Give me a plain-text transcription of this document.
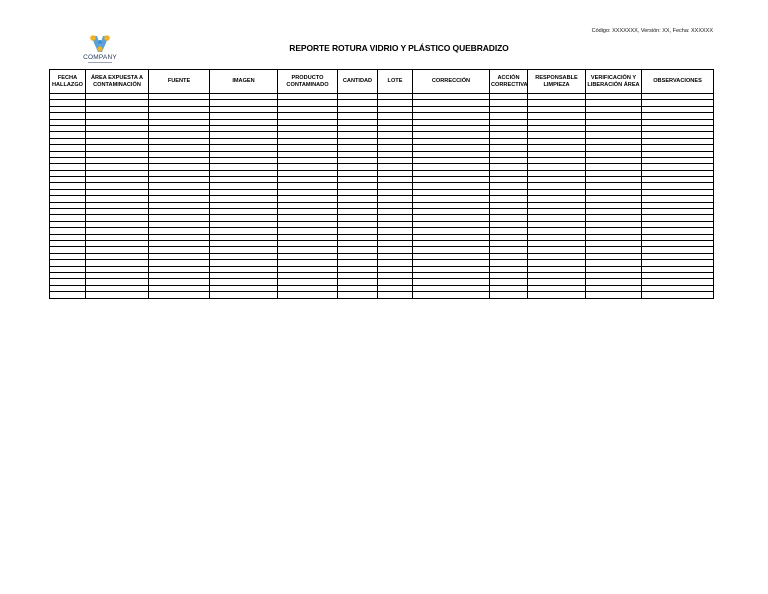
Código: XXXXXXX, Versión: XX, Fecha: XXXXXX
COMPANY
REPORTE ROTURA VIDRIO Y PLÁSTICO QUEBRADIZO
FECHA HALLAZGO	ÁREA EXPUESTA A CONTAMINACIÓN	FUENTE	IMAGEN	PRODUCTO CONTAMINADO	CANTIDAD	LOTE	CORRECCIÓN	ACCIÓN CORRECTIVA	RESPONSABLE LIMPIEZA	VERIFICACIÓN Y LIBERACIÓN ÁREA	OBSERVACIONES
